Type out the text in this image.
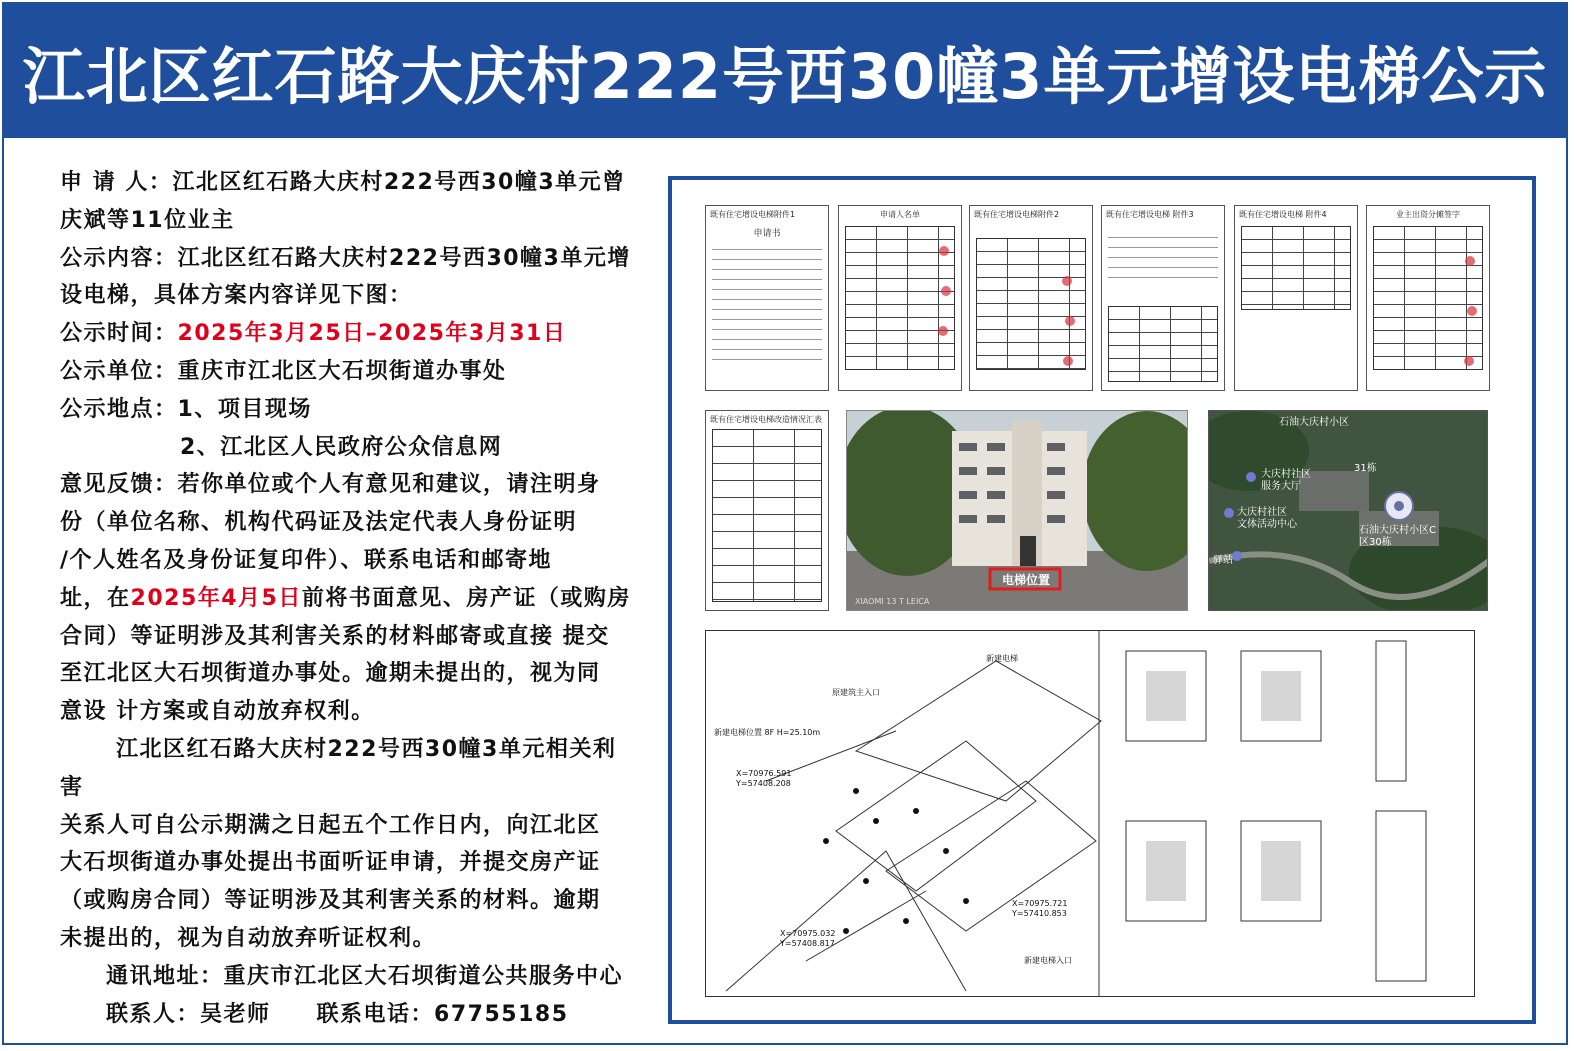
江北区红石路大庆村222号西30幢3单元增设电梯公示

申 请 人：江北区红石路大庆村222号西30幢3单元曾

庆斌等11位业主

公示内容：江北区红石路大庆村222号西30幢3单元增

设电梯，具体方案内容详见下图：

公示时间：2025年3月25日–2025年3月31日

公示单位：重庆市江北区大石坝街道办事处

公示地点：1、项目现场

2、江北区人民政府公众信息网

意见反馈：若你单位或个人有意见和建议，请注明身

份（单位名称、机构代码证及法定代表人身份证明

/个人姓名及身份证复印件）、联系电话和邮寄地

址，在2025年4月5日前将书面意见、房产证（或购房

合同）等证明涉及其利害关系的材料邮寄或直接 提交

至江北区大石坝街道办事处。逾期未提出的，视为同

意设 计方案或自动放弃权利。

江北区红石路大庆村222号西30幢3单元相关利害

关系人可自公示期满之日起五个工作日内，向江北区

大石坝街道办事处提出书面听证申请，并提交房产证

（或购房合同）等证明涉及其利害关系的材料。逾期

未提出的，视为自动放弃听证权利。

通讯地址：重庆市江北区大石坝街道公共服务中心

联系人：吴老师 联系电话：67755185

既有住宅增设电梯附件1
申请书
申请人名单	既有住宅增设电梯附件2	既有住宅增设电梯 附件3	既有住宅增设电梯 附件4	业主出资分摊签字
既有住宅增设电梯改造情况汇表
电梯位置
XIAOMI 13 T LEICA
石油大庆村小区
大庆村社区
服务大厅
31栋
大庆村社区
文体活动中心
石油大庆村小区C区30栋
驿站
原建筑主入口
新建电梯位置 8F H=25.10m
新建电梯
新建电梯入口
X=70976.591
Y=57408.208
X=70975.032
Y=57408.817
X=70975.721
Y=57410.853
